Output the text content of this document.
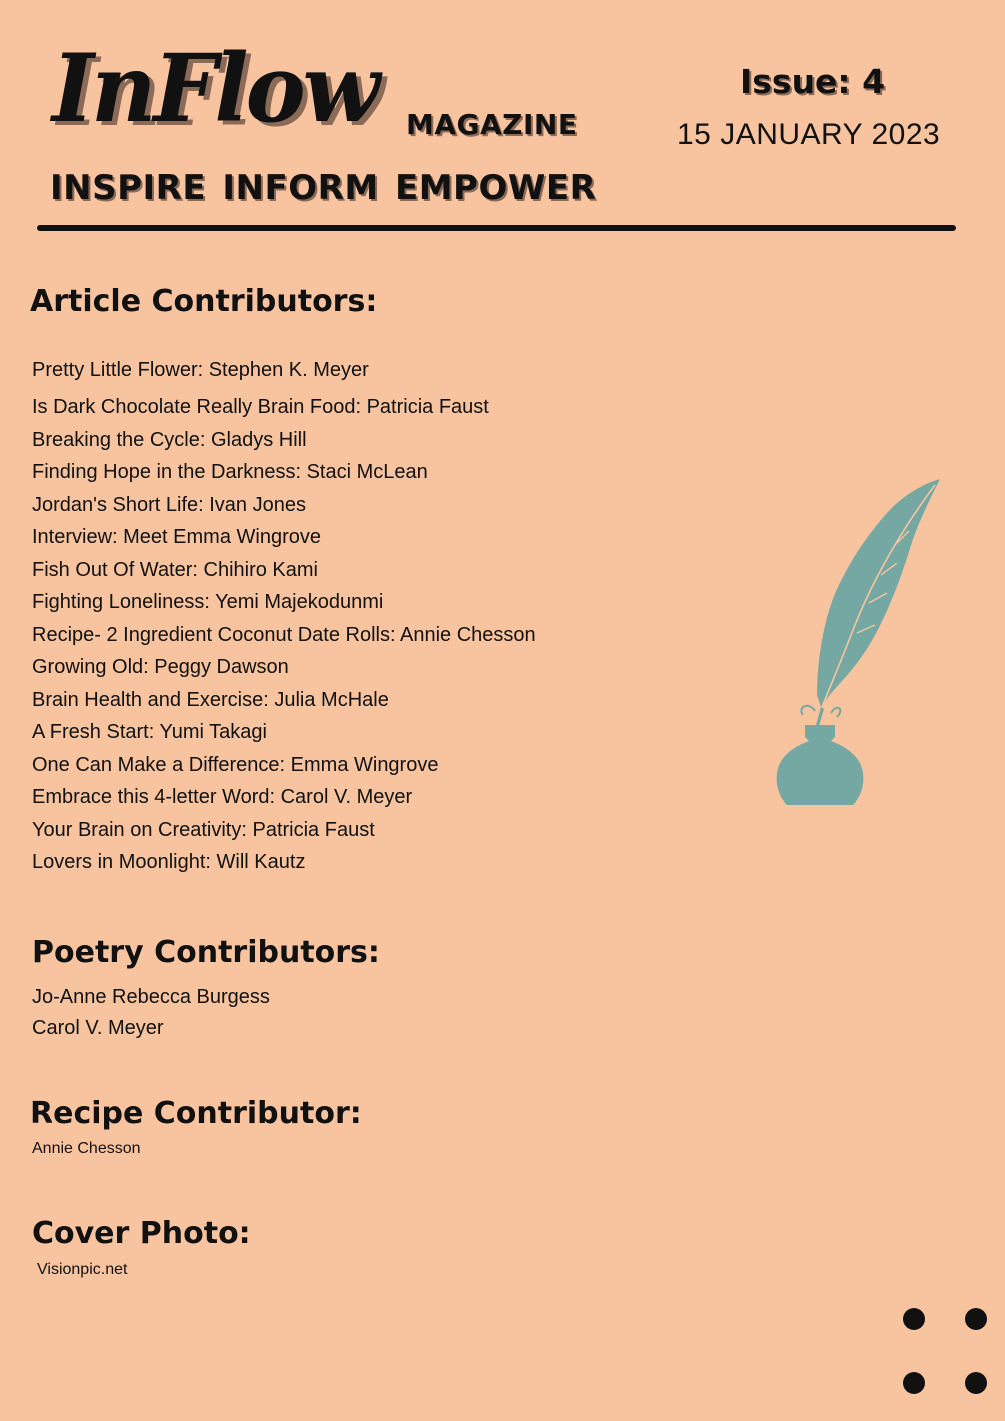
InFlow MAGAZINE
INSPIRE INFORM EMPOWER
Issue: 4
15 JANUARY 2023
Article Contributors:
Pretty Little Flower: Stephen K. Meyer
Is Dark Chocolate Really Brain Food: Patricia Faust
Breaking the Cycle: Gladys Hill
Finding Hope in the Darkness: Staci McLean
Jordan's Short Life: Ivan Jones
Interview: Meet Emma Wingrove
Fish Out Of Water: Chihiro Kami
Fighting Loneliness: Yemi Majekodunmi
Recipe- 2 Ingredient Coconut Date Rolls: Annie Chesson
Growing Old: Peggy Dawson
Brain Health and Exercise: Julia McHale
A Fresh Start: Yumi Takagi
One Can Make a Difference: Emma Wingrove
Embrace this 4-letter Word: Carol V. Meyer
Your Brain on Creativity: Patricia Faust
Lovers in Moonlight: Will Kautz
Poetry Contributors:
Jo-Anne Rebecca Burgess
Carol V. Meyer
Recipe Contributor:
Annie Chesson
Cover Photo:
Visionpic.net
